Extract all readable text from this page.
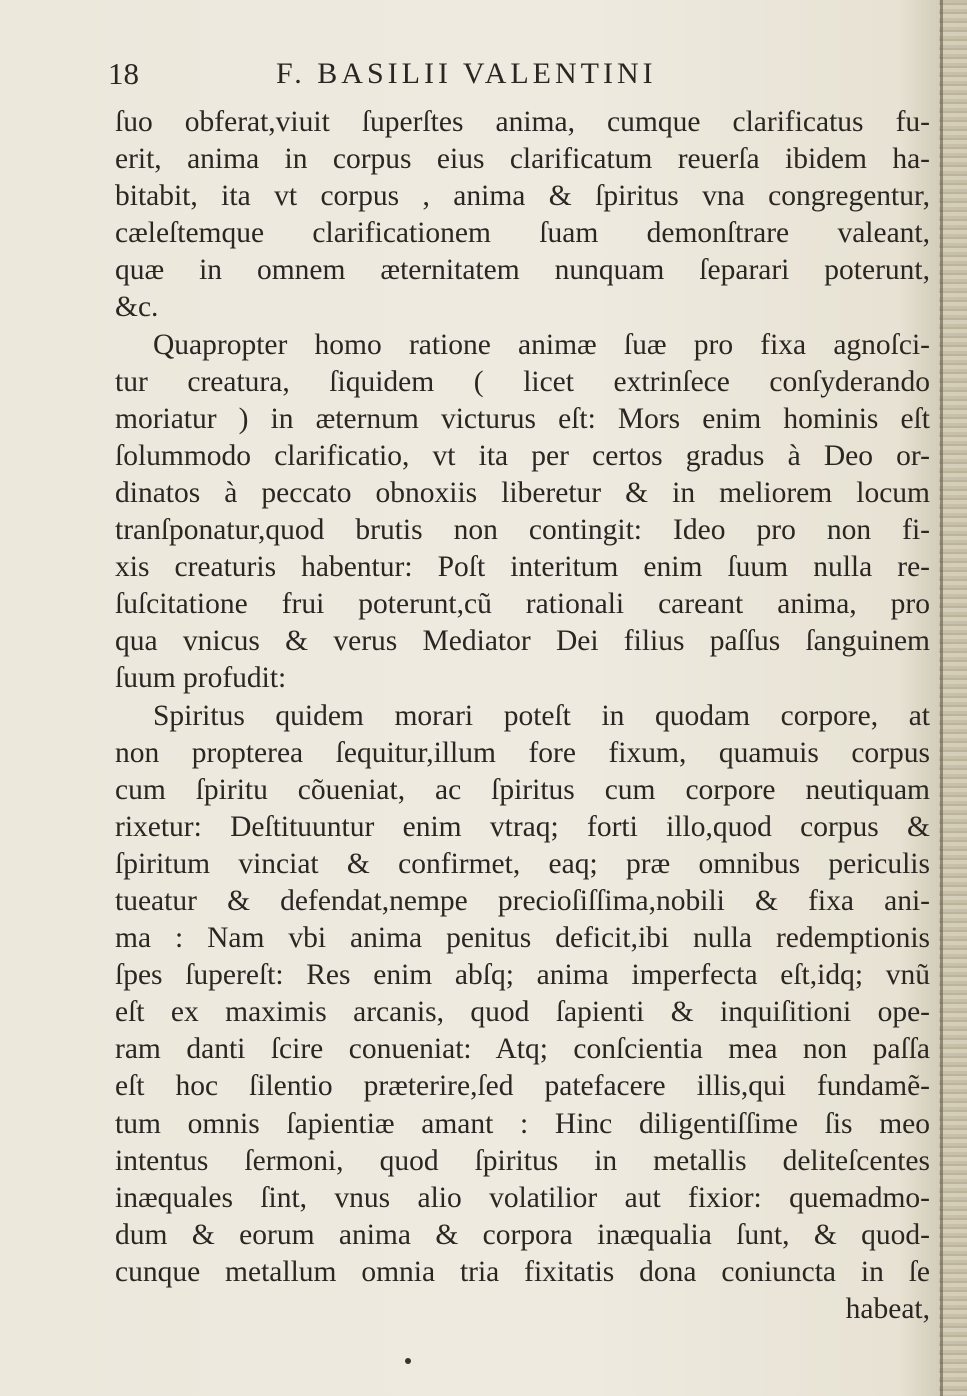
18	F. BASILII VALENTINI
ſuo obferat,viuit ſuperſtes anima, cumque clarificatus fu-
erit, anima in corpus eius clarificatum reuerſa ibidem ha-
bitabit, ita vt corpus , anima & ſpiritus vna congregentur,
cæleſtemque clarificationem ſuam demonſtrare valeant,
quæ in omnem æternitatem nunquam ſeparari poterunt,
&c.
Quapropter homo ratione animæ ſuæ pro fixa agnoſci-
tur creatura, ſiquidem ( licet extrinſece conſyderando
moriatur ) in æternum victurus eſt: Mors enim hominis eſt
ſolummodo clarificatio, vt ita per certos gradus à Deo or-
dinatos à peccato obnoxiis liberetur & in meliorem locum
tranſponatur,quod brutis non contingit: Ideo pro non fi-
xis creaturis habentur: Poſt interitum enim ſuum nulla re-
ſuſcitatione frui poterunt,cũ rationali careant anima, pro
qua vnicus & verus Mediator Dei filius paſſus ſanguinem
ſuum profudit:
Spiritus quidem morari poteſt in quodam corpore, at
non propterea ſequitur,illum fore fixum, quamuis corpus
cum ſpiritu cõueniat, ac ſpiritus cum corpore neutiquam
rixetur: Deſtituuntur enim vtraq; forti illo,quod corpus &
ſpiritum vinciat & confirmet, eaq; præ omnibus periculis
tueatur & defendat,nempe precioſiſſima,nobili & fixa ani-
ma : Nam vbi anima penitus deficit,ibi nulla redemptionis
ſpes ſupereſt: Res enim abſq; anima imperfecta eſt,idq; vnũ
eſt ex maximis arcanis, quod ſapienti & inquiſitioni ope-
ram danti ſcire conueniat: Atq; conſcientia mea non paſſa
eſt hoc ſilentio præterire,ſed patefacere illis,qui fundamẽ-
tum omnis ſapientiæ amant : Hinc diligentiſſime ſis meo
intentus ſermoni, quod ſpiritus in metallis deliteſcentes
inæquales ſint, vnus alio volatilior aut fixior: quemadmo-
dum & eorum anima & corpora inæqualia ſunt, & quod-
cunque metallum omnia tria fixitatis dona coniuncta in ſe
habeat,
